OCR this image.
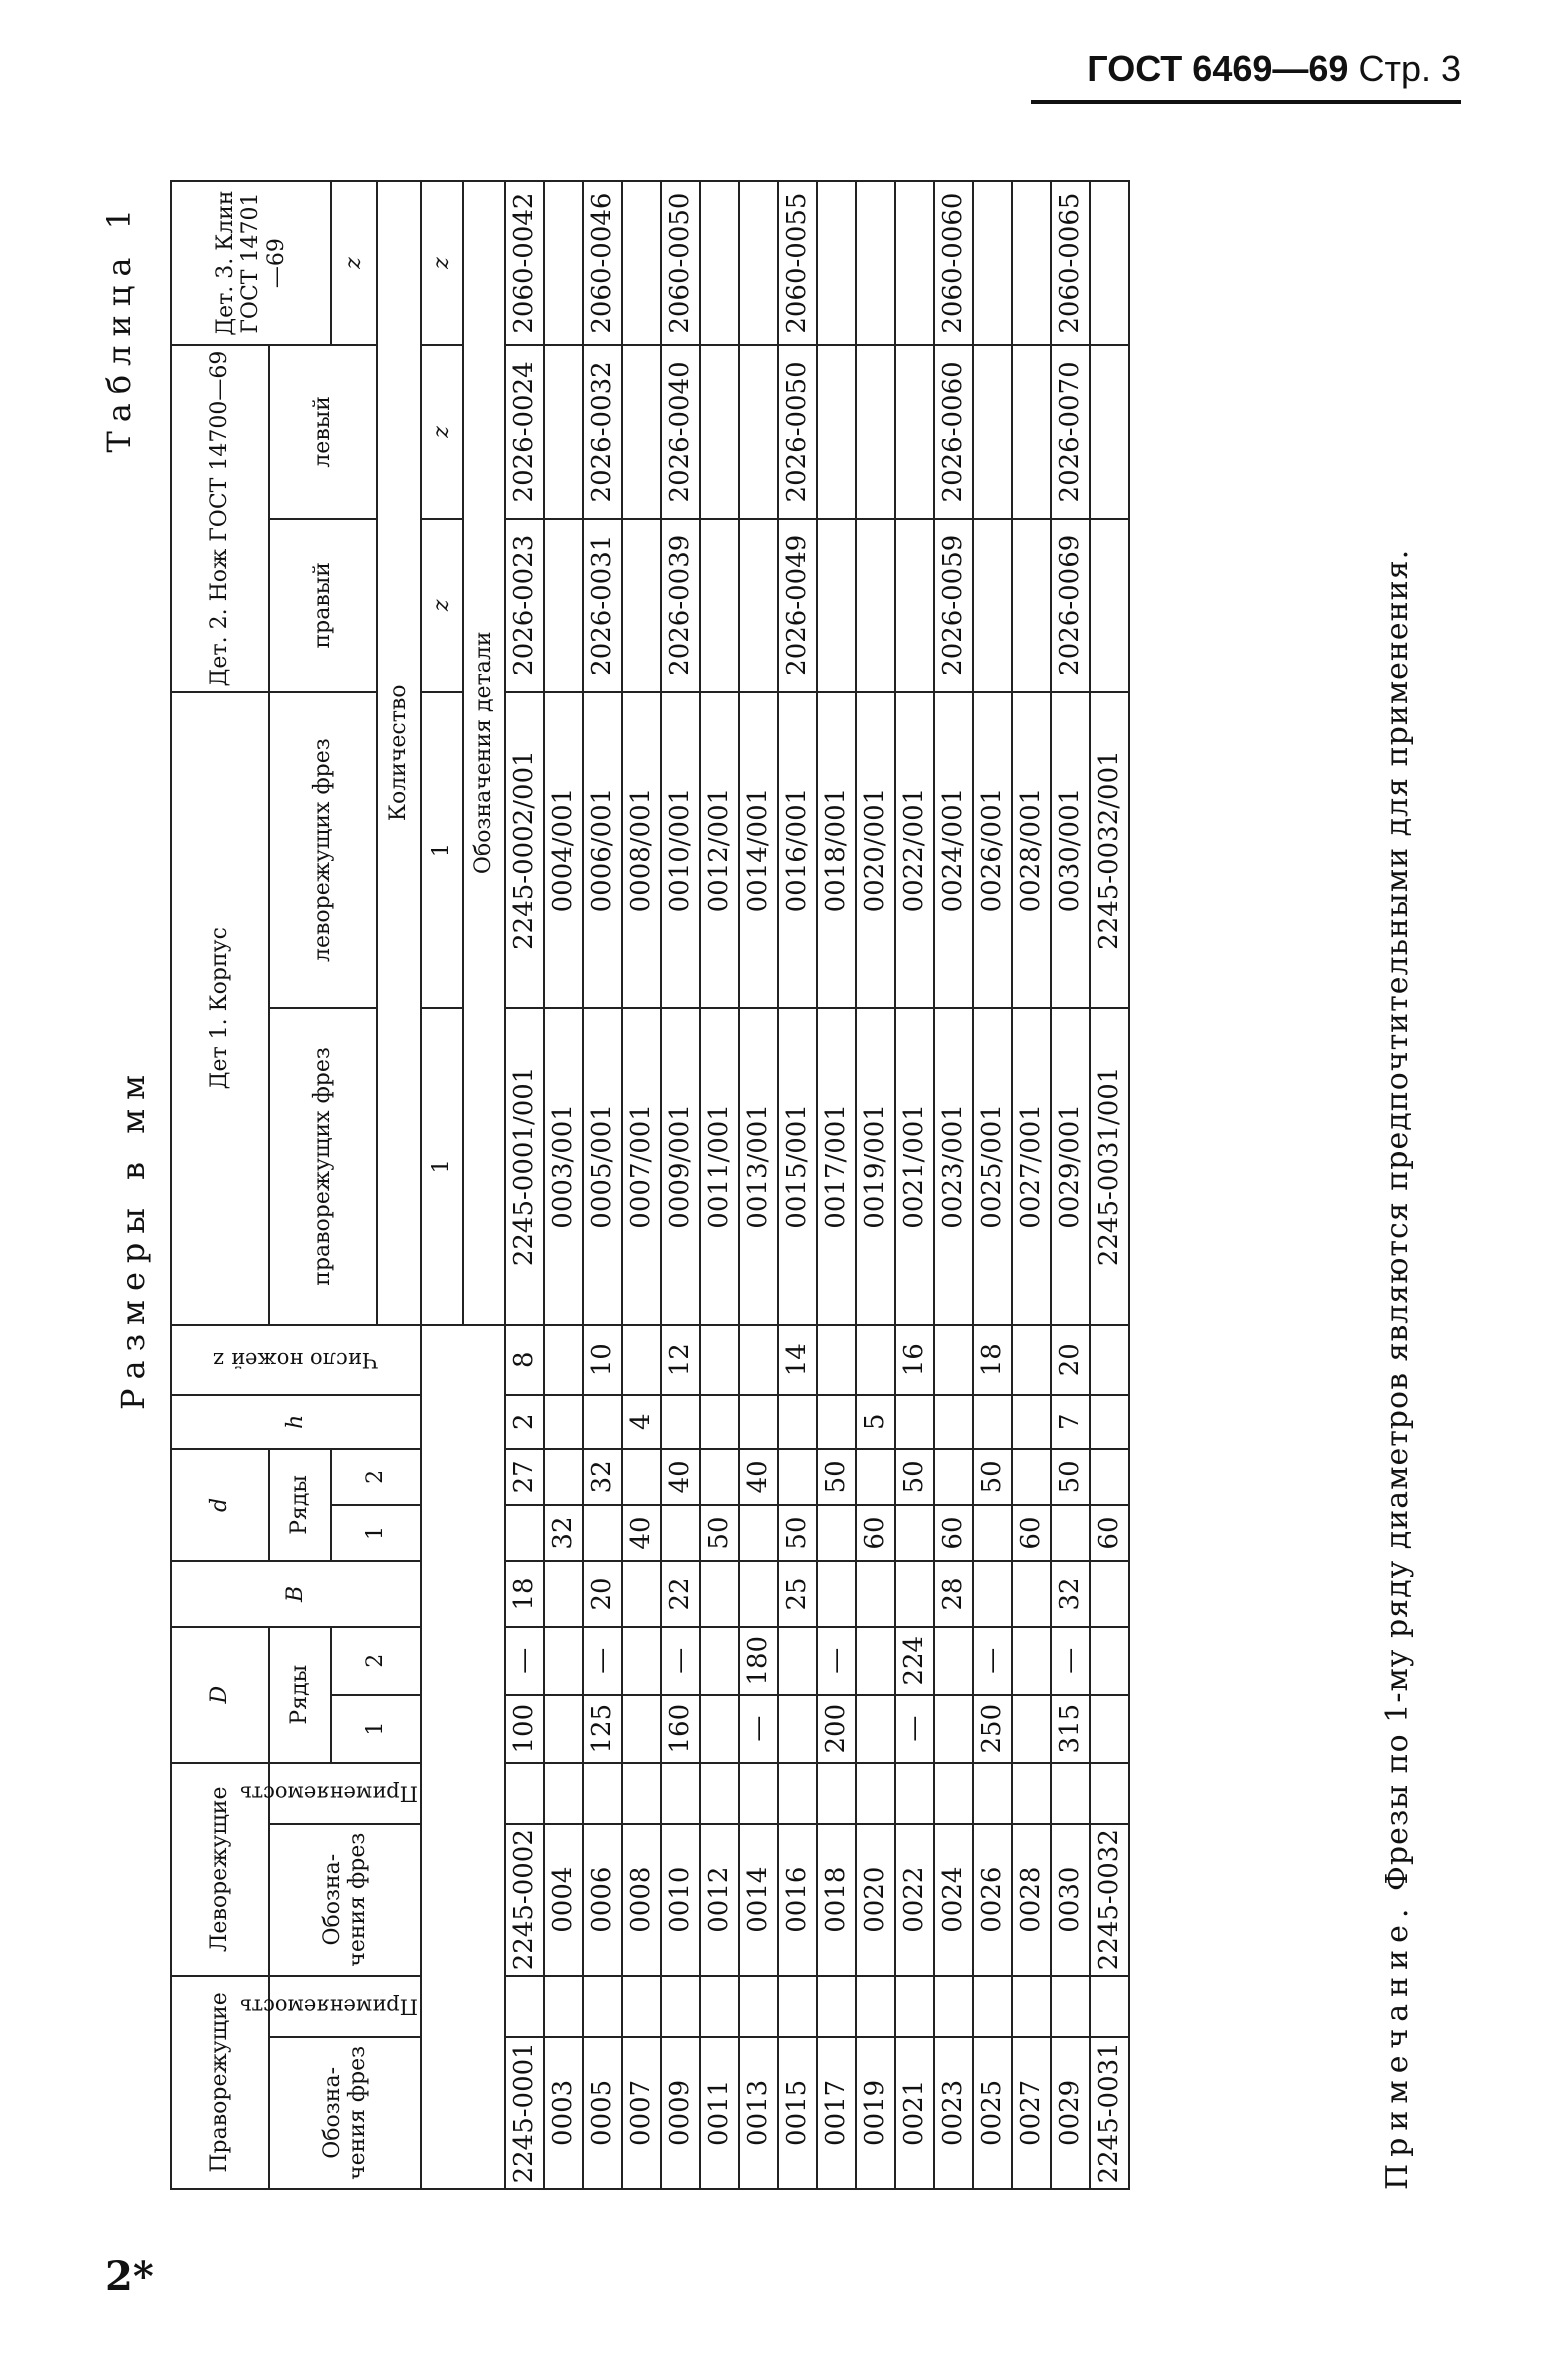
ГОСТ 6469—69 Стр. 3
2*
Размеры в мм
Таблица 1
Праворежущие		Леворежущие		D		B	d		h	Число ножей z	Дет 1. Корпус		Дет. 2. Нож ГОСТ 14700—69		Дет. 3. Клин ГОСТ 14701—69
Обозна-чения фрез	Применяемость	Обозна-чения фрез	Применяемость	Ряды			Ряды				праворежущих фрез	леворежущих фрез	правый	левый	
				1	2		1	2							z
											Количество				
											1	1	z	z	z
											Обозначения детали				
2245-0001		2245-0002		100	—	18		27	2	8	2245-0001/001	2245-0002/001	2026-0023	2026-0024	2060-0042
0003		0004					32				0003/001	0004/001			
0005		0006		125	—	20		32		10	0005/001	0006/001	2026-0031	2026-0032	2060-0046
0007		0008					40		4		0007/001	0008/001			
0009		0010		160	—	22		40		12	0009/001	0010/001	2026-0039	2026-0040	2060-0050
0011		0012					50				0011/001	0012/001			
0013		0014		—	180			40			0013/001	0014/001			
0015		0016				25	50			14	0015/001	0016/001	2026-0049	2026-0050	2060-0055
0017		0018		200	—			50			0017/001	0018/001			
0019		0020					60		5		0019/001	0020/001			
0021		0022		—	224			50		16	0021/001	0022/001			
0023		0024				28	60				0023/001	0024/001	2026-0059	2026-0060	2060-0060
0025		0026		250	—			50		18	0025/001	0026/001			
0027		0028					60				0027/001	0028/001			
0029		0030		315	—	32		50	7	20	0029/001	0030/001	2026-0069	2026-0070	2060-0065
2245-0031		2245-0032					60				2245-0031/001	2245-0032/001			
Примечание. Фрезы по 1-му ряду диаметров являются предпочтительными для применения.
